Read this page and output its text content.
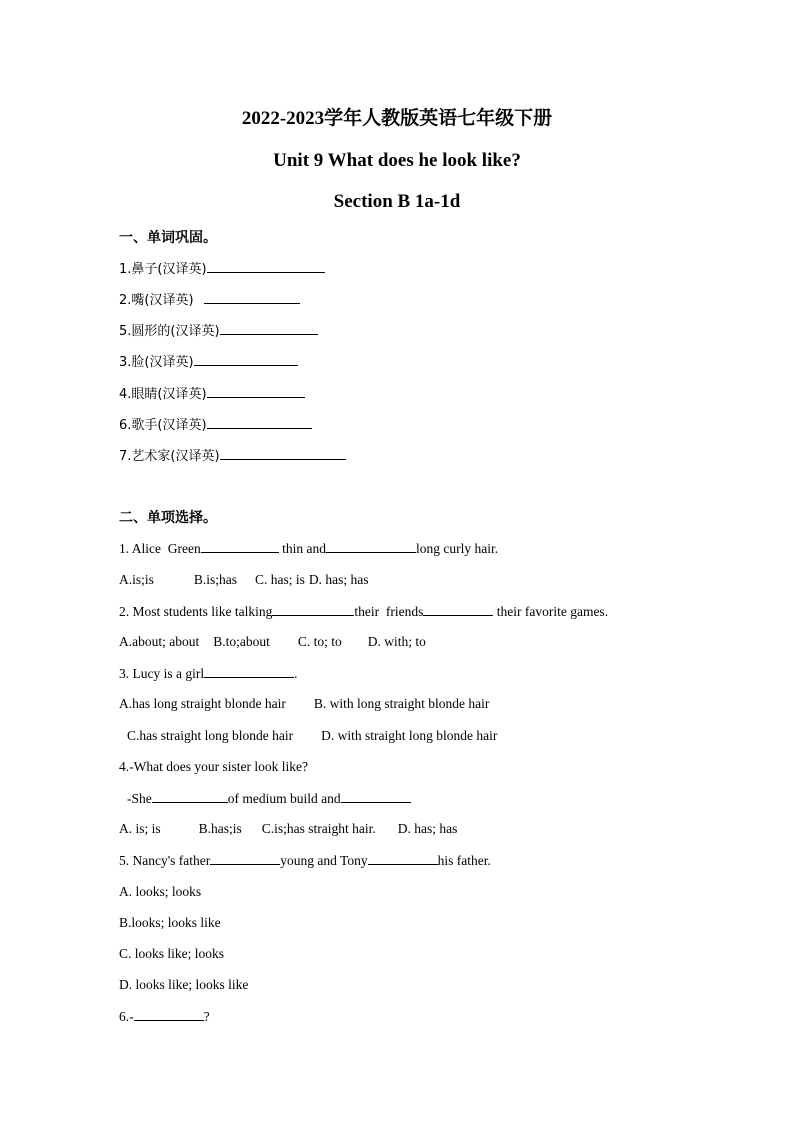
2022-2023学年人教版英语七年级下册
Unit 9 What does he look like?
Section B 1a-1d
一、单词巩固。
1.鼻子(汉译英)
2.嘴(汉译英)
5.圆形的(汉译英)
3.脸(汉译英)
4.眼睛(汉译英)
6.歌手(汉译英)
7.艺术家(汉译英)
二、单项选择。
1. Alice  Green	thin and	long curly hair.
A.is;is	B.is;has C. has; is D. has; has
2. Most students like talking	their  friends	their favorite games.
A.about; about B.to;about C. to; to D. with; to
3. Lucy is a girl	.
A.has long straight blonde hair B. with long straight blonde hair
C.has straight long blonde hair D. with straight long blonde hair
4.-What does your sister look like?
-She	of medium build and
A. is; is	B.has;is C.is;has straight hair. D. has; has
5. Nancy's father	young and Tony	his father.
A. looks; looks
B.looks; looks like
C. looks like; looks
D. looks like; looks like
6.-	?
